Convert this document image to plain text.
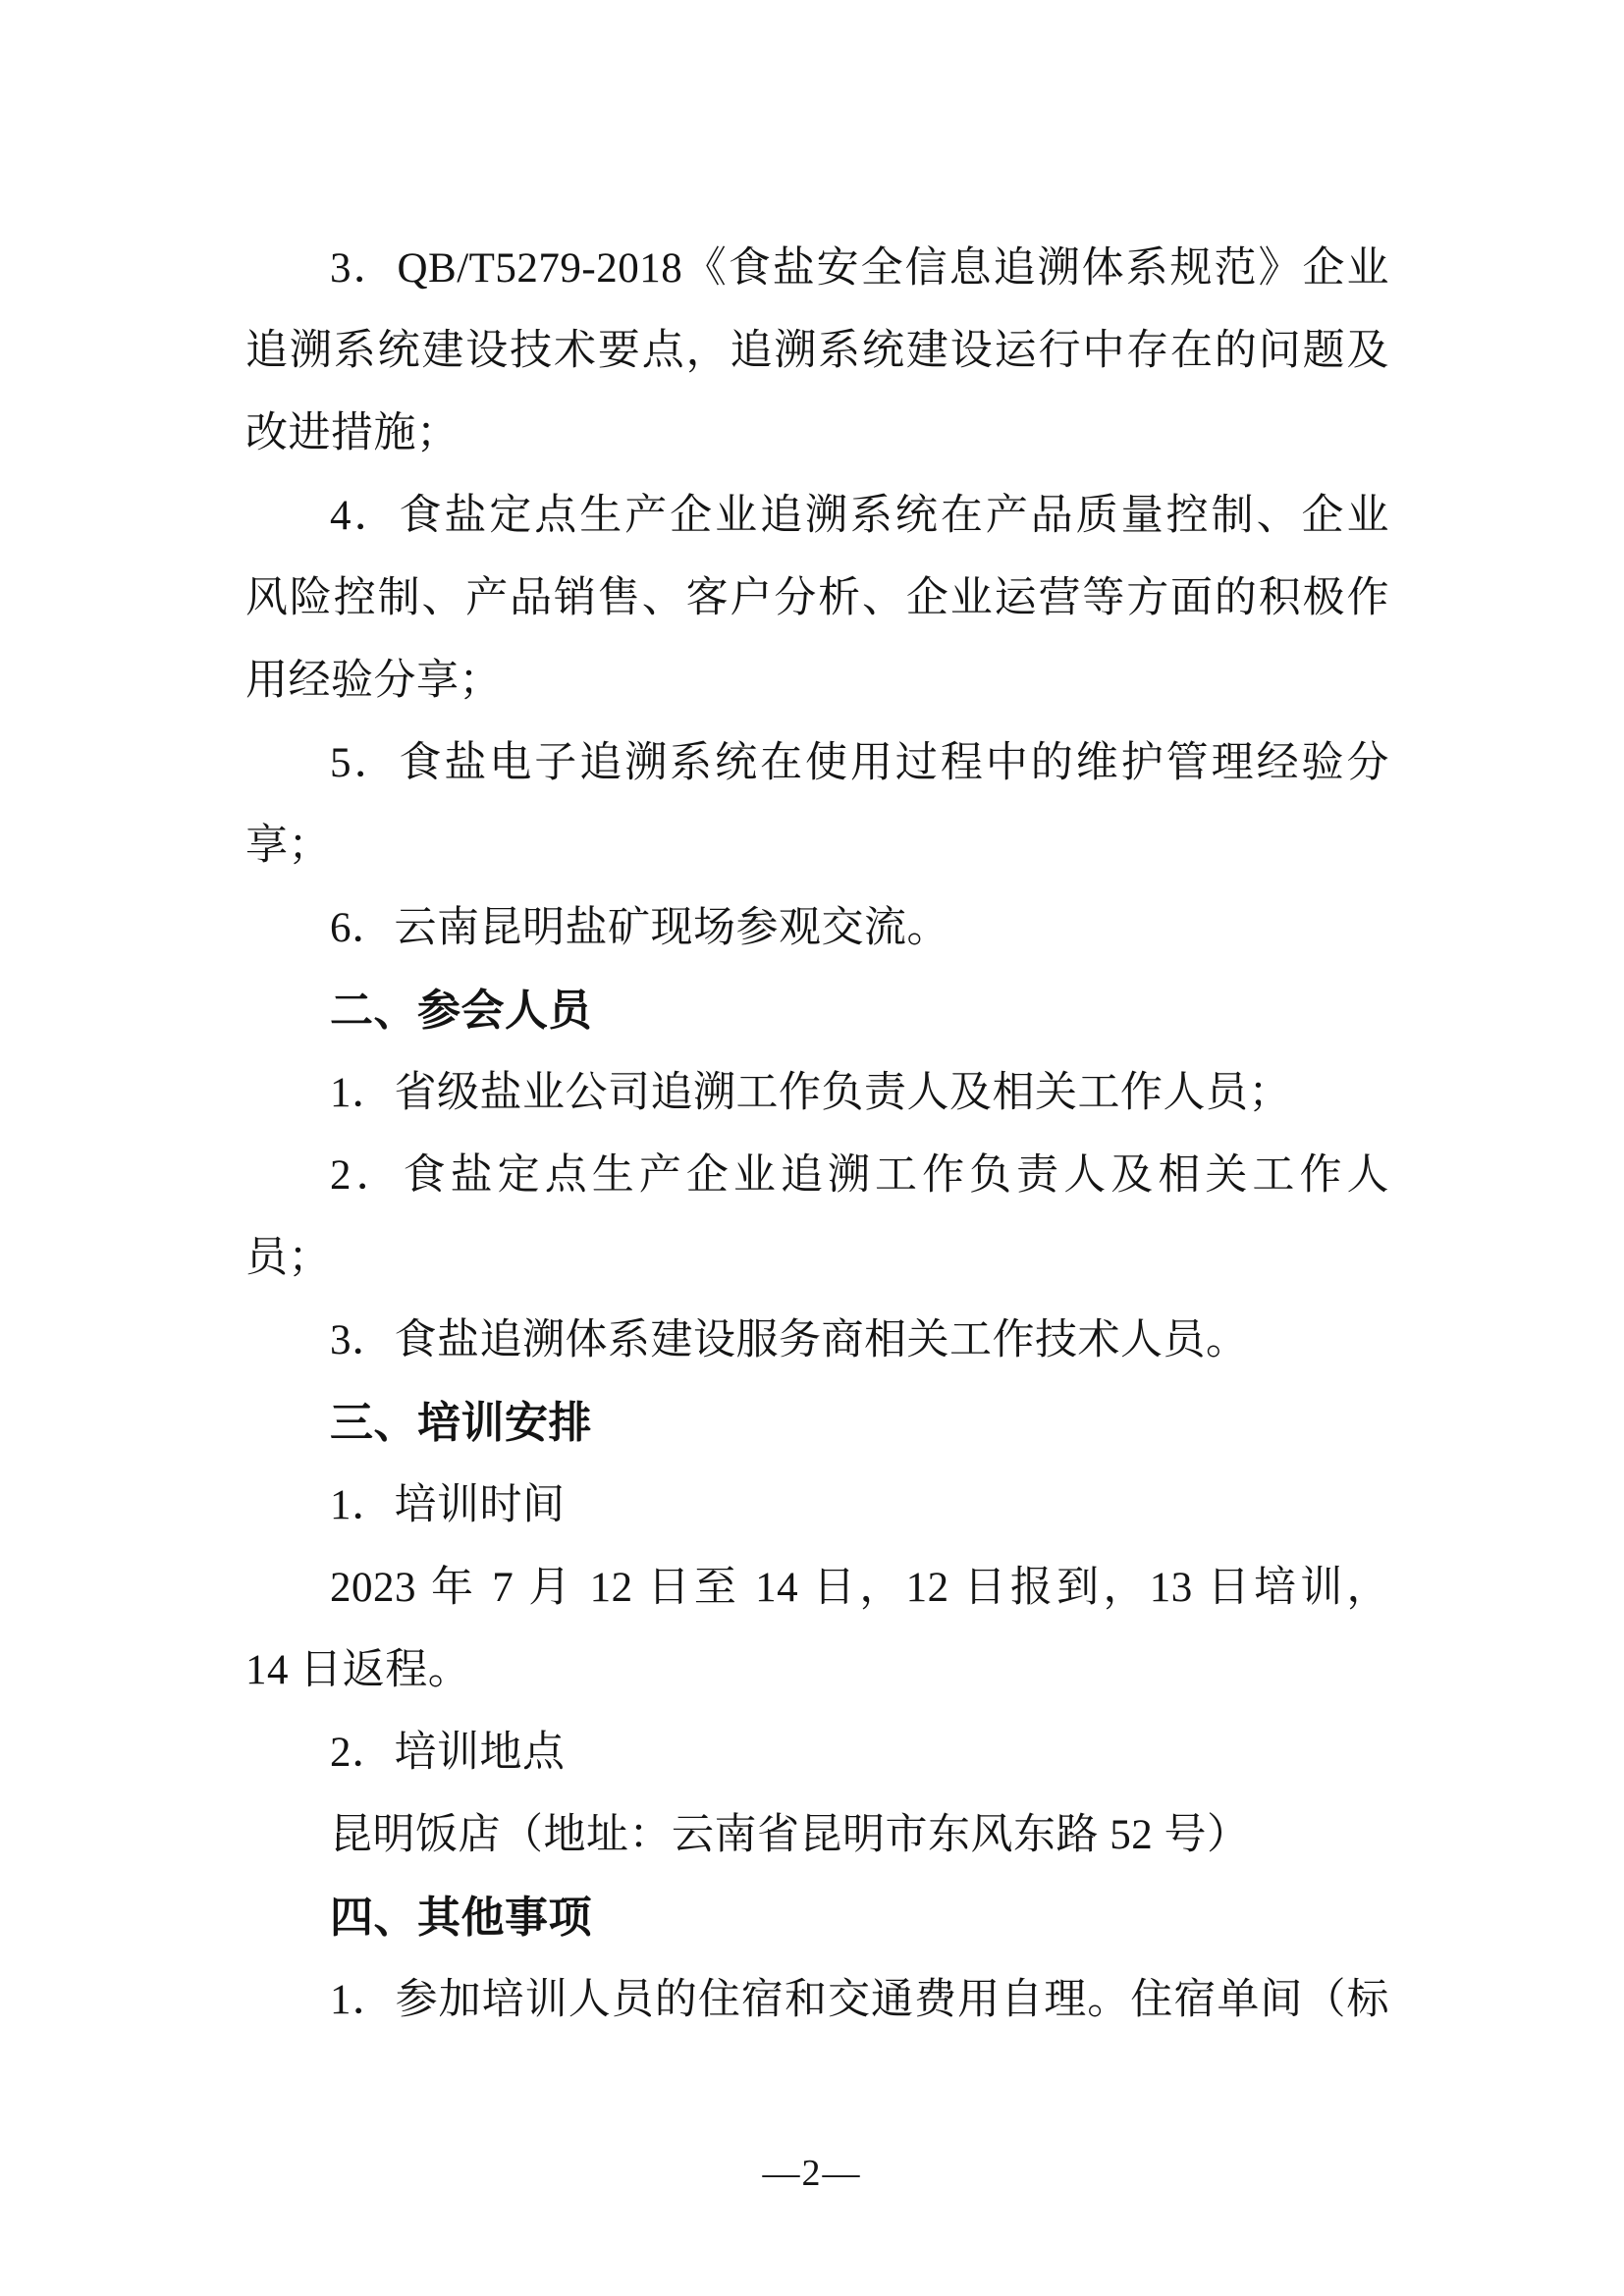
3．QB/T5279-2018《食盐安全信息追溯体系规范》企业
追溯系统建设技术要点，追溯系统建设运行中存在的问题及
改进措施；
4．食盐定点生产企业追溯系统在产品质量控制、企业
风险控制、产品销售、客户分析、企业运营等方面的积极作
用经验分享；
5．食盐电子追溯系统在使用过程中的维护管理经验分
享；
6．云南昆明盐矿现场参观交流。
二、参会人员
1．省级盐业公司追溯工作负责人及相关工作人员；
2．食盐定点生产企业追溯工作负责人及相关工作人
员；
3．食盐追溯体系建设服务商相关工作技术人员。
三、培训安排
1．培训时间
2023 年 7 月 12 日至 14 日，12 日报到，13 日培训，
14 日返程。
2．培训地点
昆明饭店（地址：云南省昆明市东风东路 52 号）
四、其他事项
1．参加培训人员的住宿和交通费用自理。住宿单间（标
—2—
